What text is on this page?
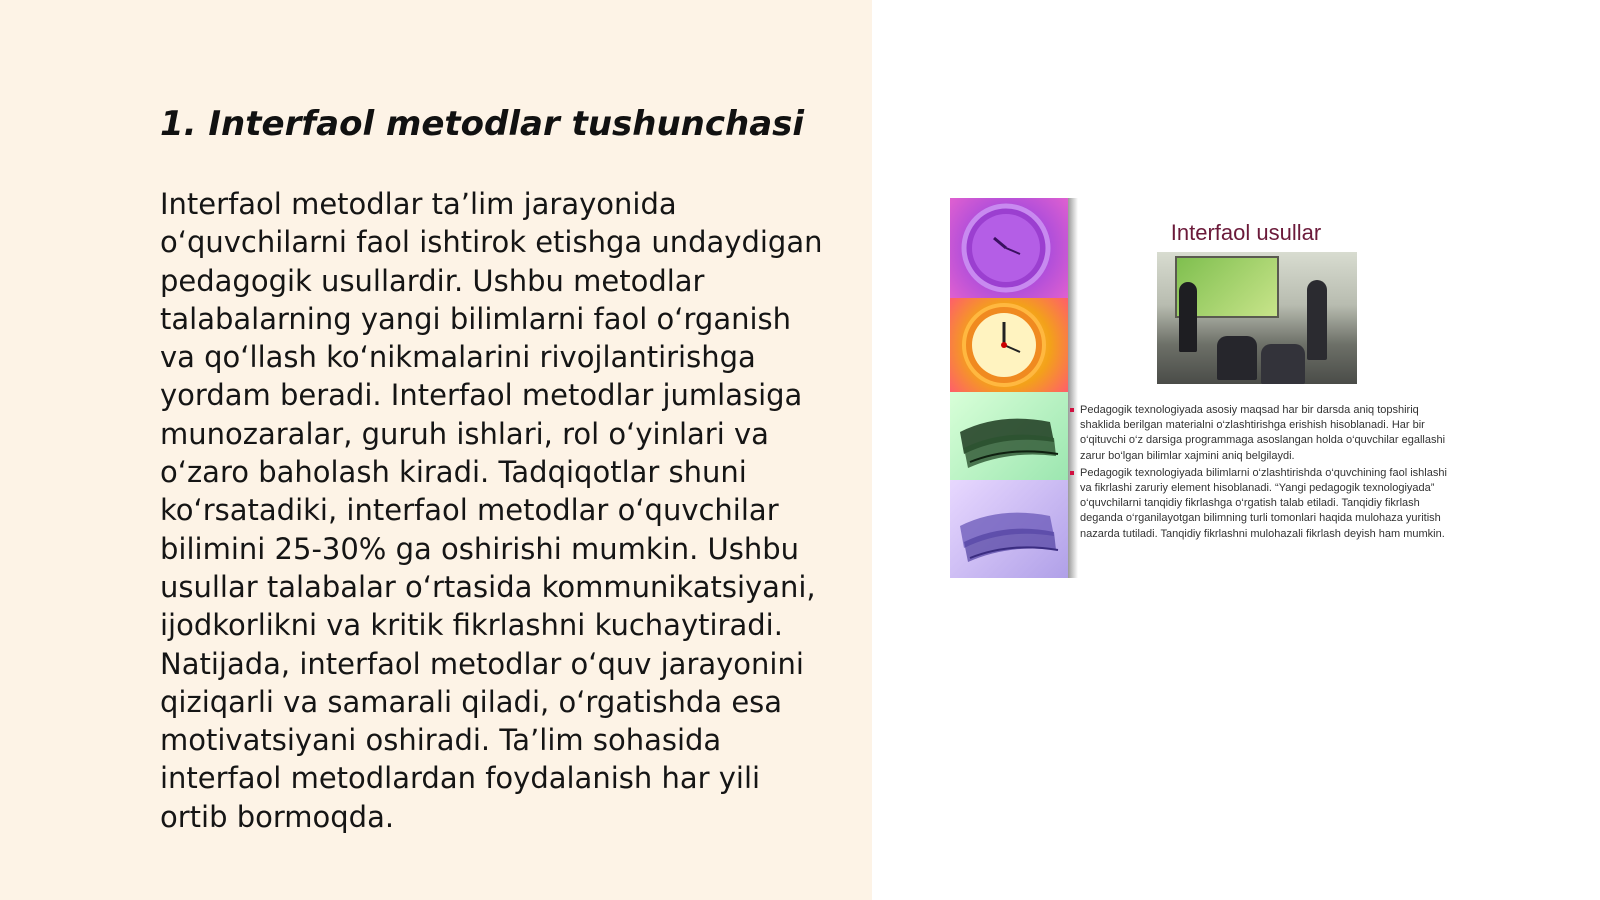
1. Interfaol metodlar tushunchasi

Interfaol metodlar ta’lim jarayonida o‘quvchilarni faol ishtirok etishga undaydigan pedagogik usullardir. Ushbu metodlar talabalarning yangi bilimlarni faol o‘rganish va qo‘llash ko‘nikmalarini rivojlantirishga yordam beradi. Interfaol metodlar jumlasiga munozaralar, guruh ishlari, rol o‘yinlari va o‘zaro baholash kiradi. Tadqiqotlar shuni ko‘rsatadiki, interfaol metodlar o‘quvchilar bilimini 25-30% ga oshirishi mumkin. Ushbu usullar talabalar o‘rtasida kommunikatsiyani, ijodkorlikni va kritik fikrlashni kuchaytiradi. Natijada, interfaol metodlar o‘quv jarayonini qiziqarli va samarali qiladi, o‘rgatishda esa motivatsiyani oshiradi. Ta’lim sohasida interfaol metodlardan foydalanish har yili ortib bormoqda.

Interfaol usullar
Pedagogik texnologiyada asosiy maqsad har bir darsda aniq topshiriq shaklida berilgan materialni o‘zlashtirishga erishish hisoblanadi. Har bir o‘qituvchi o‘z darsiga programmaga asoslangan holda o‘quvchilar egallashi zarur bo‘lgan bilimlar xajmini aniq belgilaydi.
Pedagogik texnologiyada bilimlarni o‘zlashtirishda o‘quvchining faol ishlashi va fikrlashi zaruriy element hisoblanadi. “Yangi pedagogik texnologiyada” o‘quvchilarni tanqidiy fikrlashga o‘rgatish talab etiladi. Tanqidiy fikrlash deganda o‘rganilayotgan bilimning turli tomonlari haqida mulohaza yuritish nazarda tutiladi. Tanqidiy fikrlashni mulohazali fikrlash deyish ham mumkin.
